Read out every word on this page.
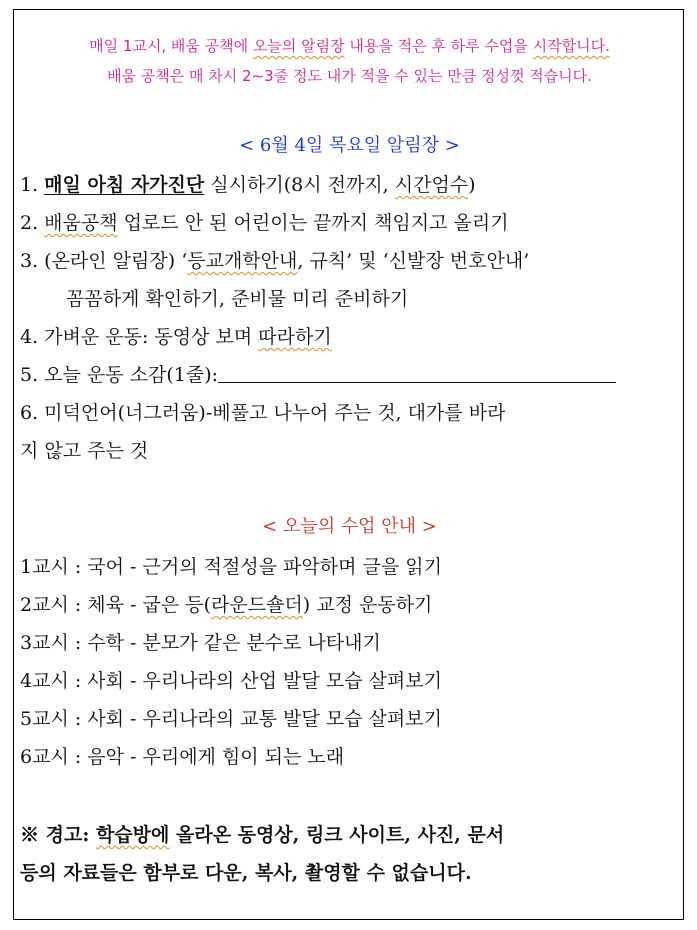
매일 1교시, 배움 공책에 오늘의 알림장 내용을 적은 후 하루 수업을 시작합니다.
배움 공책은 매 차시 2~3줄 정도 내가 적을 수 있는 만큼 정성껏 적습니다.
< 6월 4일 목요일 알림장 >
1. 매일 아침 자가진단 실시하기(8시 전까지, 시간엄수)
2. 배움공책 업로드 안 된 어린이는 끝까지 책임지고 올리기
3. (온라인 알림장) ‘등교개학안내, 규칙’ 및 ‘신발장 번호안내’
꼼꼼하게 확인하기, 준비물 미리 준비하기
4. 가벼운 운동: 동영상 보며 따라하기
5. 오늘 운동 소감(1줄):
6. 미덕언어(너그러움)-베풀고 나누어 주는 것, 대가를 바라
지 않고 주는 것
< 오늘의 수업 안내 >
1교시 : 국어 - 근거의 적절성을 파악하며 글을 읽기
2교시 : 체육 - 굽은 등(라운드숄더) 교정 운동하기
3교시 : 수학 - 분모가 같은 분수로 나타내기
4교시 : 사회 - 우리나라의 산업 발달 모습 살펴보기
5교시 : 사회 - 우리나라의 교통 발달 모습 살펴보기
6교시 : 음악 - 우리에게 힘이 되는 노래
※ 경고: 학습방에 올라온 동영상, 링크 사이트, 사진, 문서
등의 자료들은 함부로 다운, 복사, 촬영할 수 없습니다.
